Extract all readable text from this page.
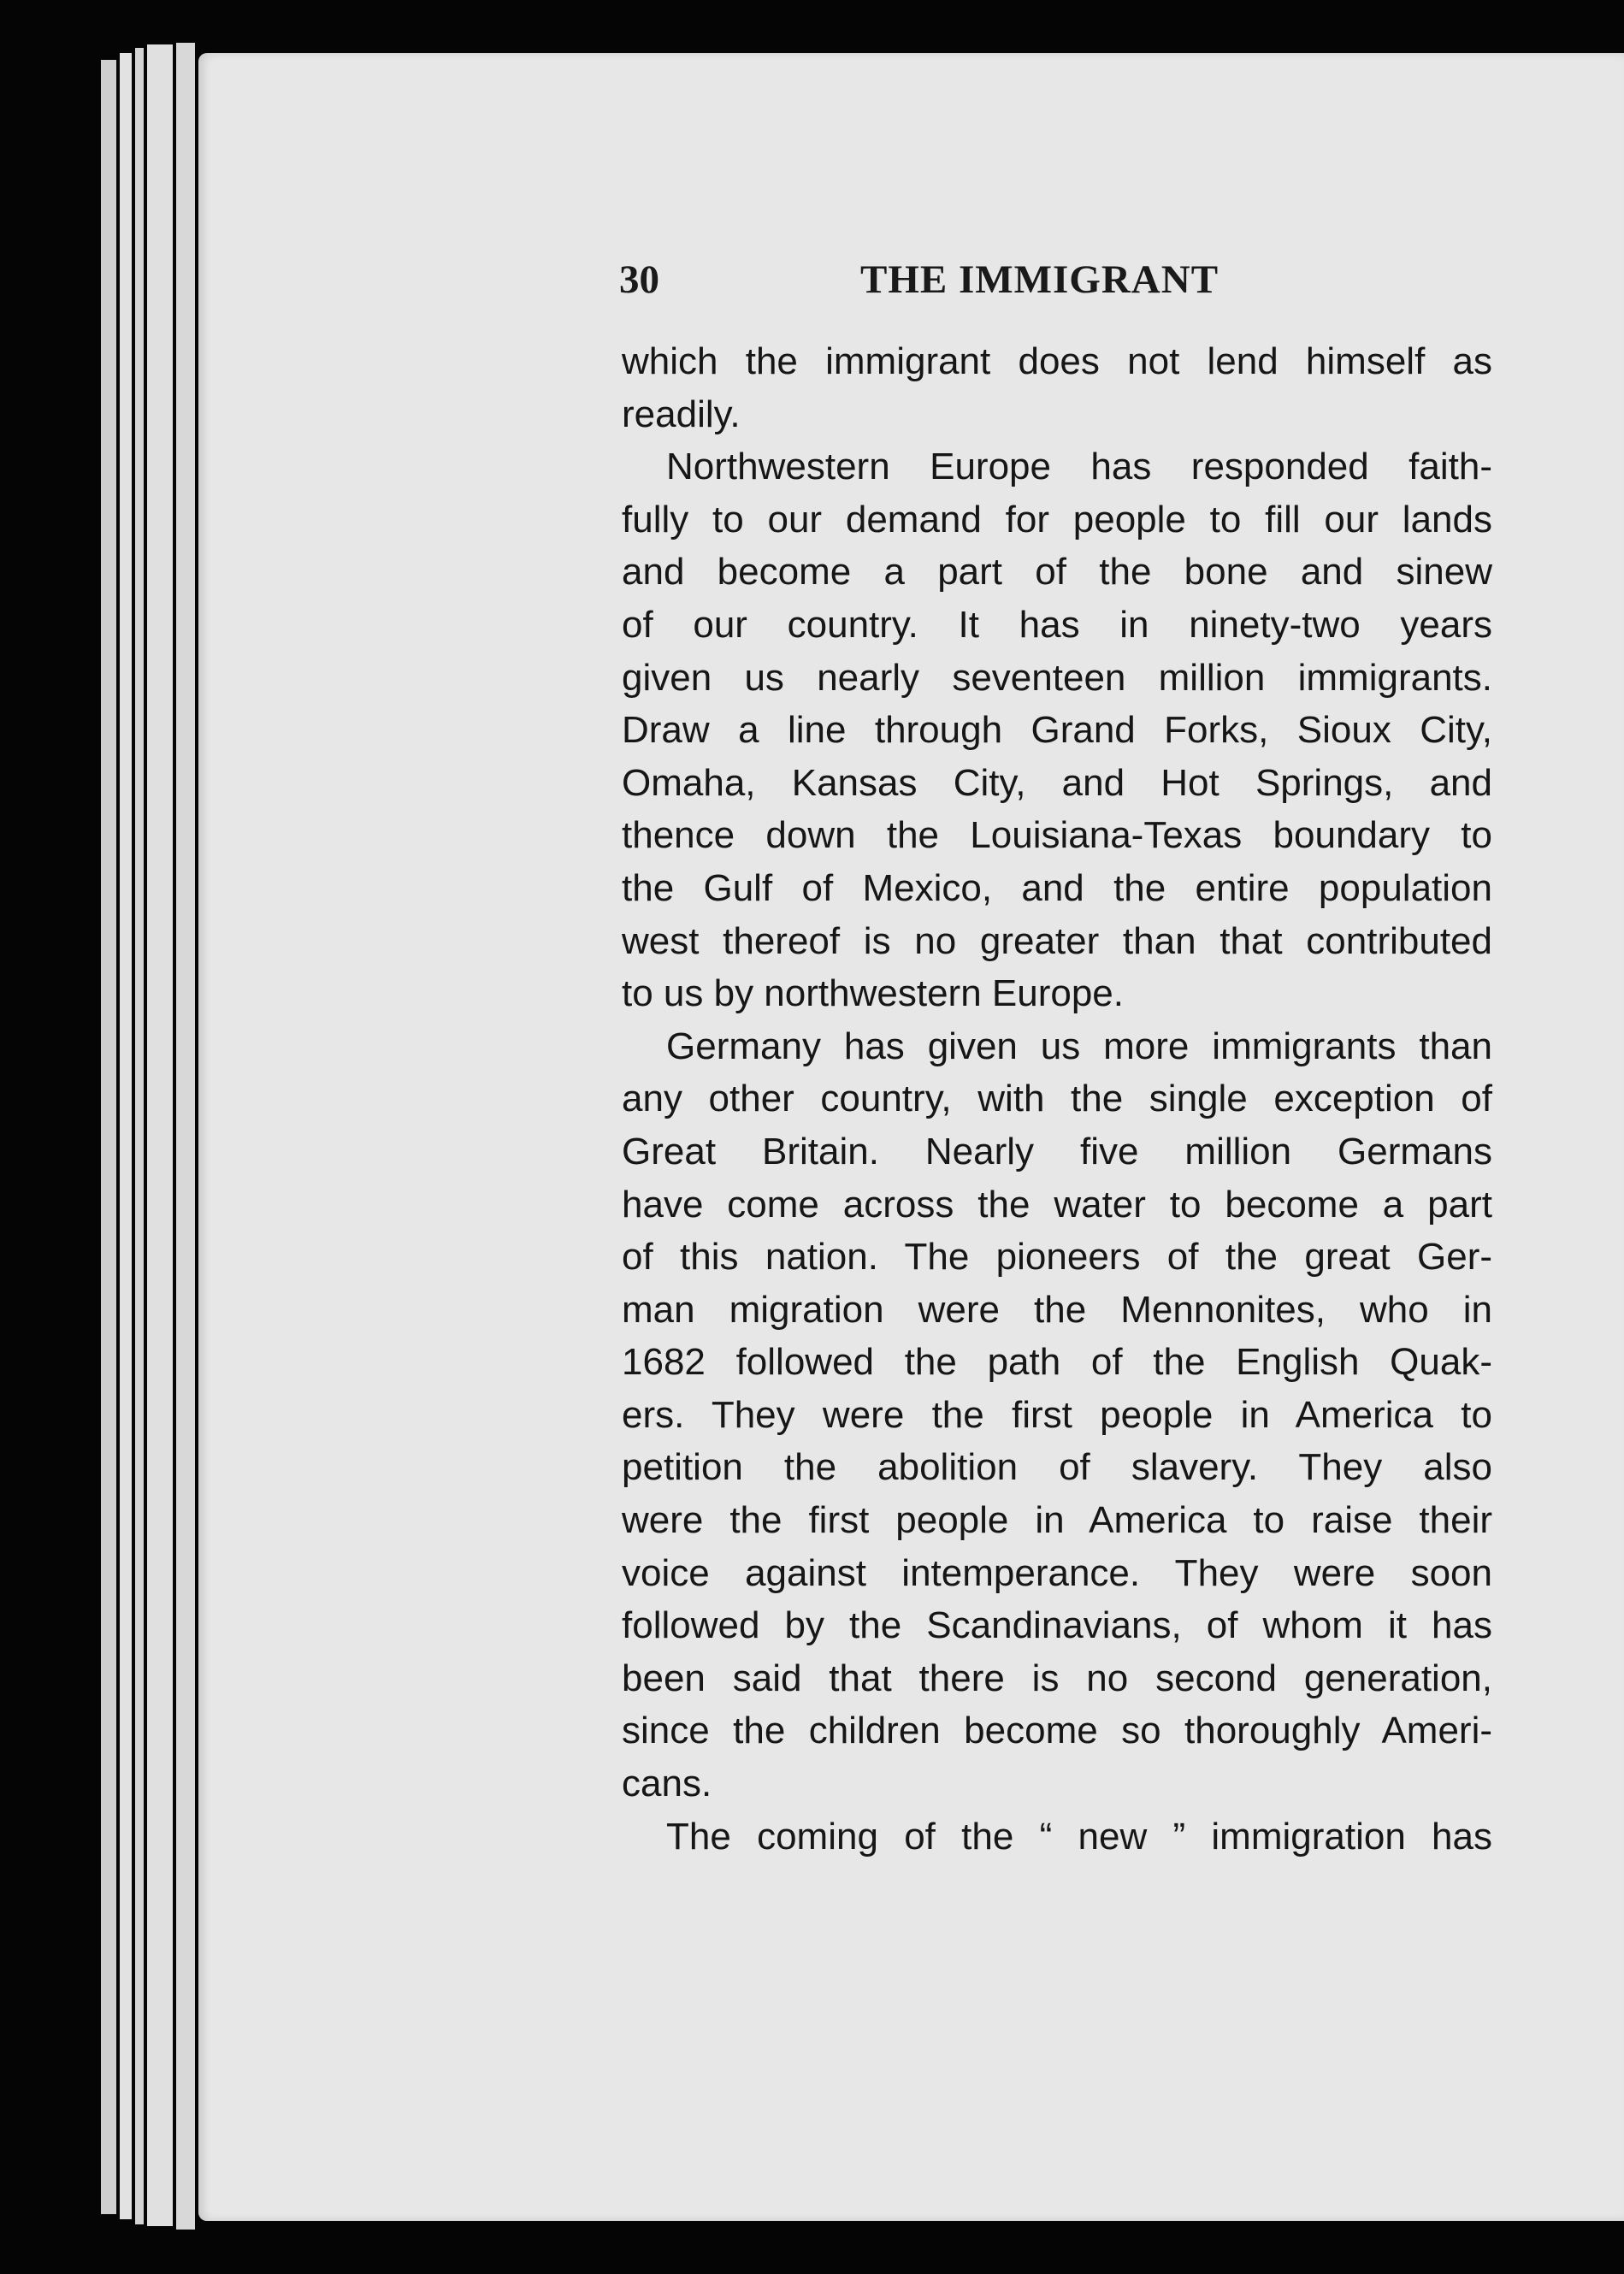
30	THE IMMIGRANT
which the immigrant does not lend himself as
readily.
Northwestern Europe has responded faith-
fully to our demand for people to fill our lands
and become a part of the bone and sinew
of our country. It has in ninety-two years
given us nearly seventeen million immigrants.
Draw a line through Grand Forks, Sioux City,
Omaha, Kansas City, and Hot Springs, and
thence down the Louisiana-Texas boundary to
the Gulf of Mexico, and the entire population
west thereof is no greater than that contributed
to us by northwestern Europe.
Germany has given us more immigrants than
any other country, with the single exception of
Great Britain. Nearly five million Germans
have come across the water to become a part
of this nation. The pioneers of the great Ger-
man migration were the Mennonites, who in
1682 followed the path of the English Quak-
ers. They were the first people in America to
petition the abolition of slavery. They also
were the first people in America to raise their
voice against intemperance. They were soon
followed by the Scandinavians, of whom it has
been said that there is no second generation,
since the children become so thoroughly Ameri-
cans.
The coming of the “ new ” immigration has
